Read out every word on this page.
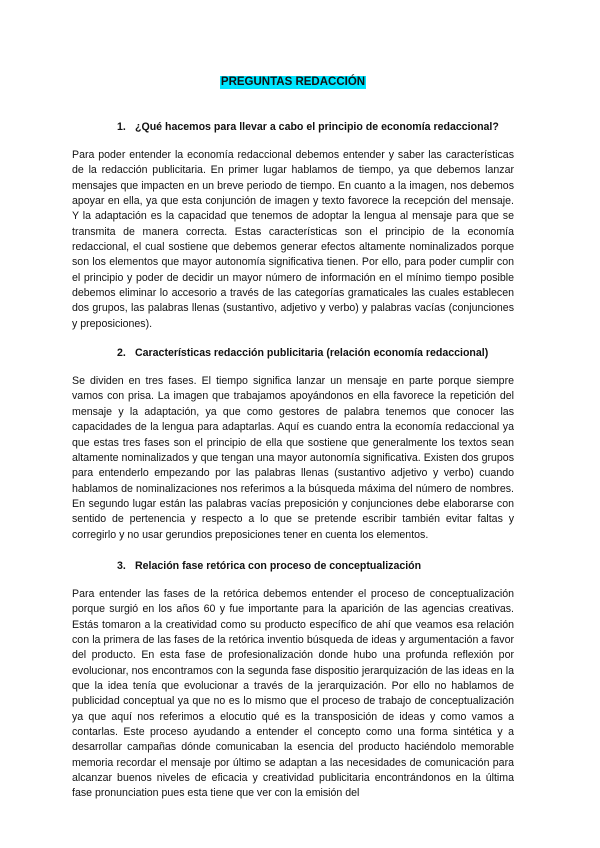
PREGUNTAS REDACCIÓN
1. ¿Qué hacemos para llevar a cabo el principio de economía redaccional?

Para poder entender la economía redaccional debemos entender y saber las características de la redacción publicitaria. En primer lugar hablamos de tiempo, ya que debemos lanzar mensajes que impacten en un breve periodo de tiempo. En cuanto a la imagen, nos debemos apoyar en ella, ya que esta conjunción de imagen y texto favorece la recepción del mensaje. Y la adaptación es la capacidad que tenemos de adoptar la lengua al mensaje para que se transmita de manera correcta. Estas características son el principio de la economía redaccional, el cual sostiene que debemos generar efectos altamente nominalizados porque son los elementos que mayor autonomía significativa tienen. Por ello, para poder cumplir con el principio y poder de decidir un mayor número de información en el mínimo tiempo posible debemos eliminar lo accesorio a través de las categorías gramaticales las cuales establecen dos grupos, las palabras llenas (sustantivo, adjetivo y verbo) y palabras vacías (conjunciones y preposiciones).

2. Características redacción publicitaria (relación economía redaccional)

Se dividen en tres fases. El tiempo significa lanzar un mensaje en parte porque siempre vamos con prisa. La imagen que trabajamos apoyándonos en ella favorece la repetición del mensaje y la adaptación, ya que como gestores de palabra tenemos que conocer las capacidades de la lengua para adaptarlas. Aquí es cuando entra la economía redaccional ya que estas tres fases son el principio de ella que sostiene que generalmente los textos sean altamente nominalizados y que tengan una mayor autonomía significativa. Existen dos grupos para entenderlo empezando por las palabras llenas (sustantivo adjetivo y verbo) cuando hablamos de nominalizaciones nos referimos a la búsqueda máxima del número de nombres. En segundo lugar están las palabras vacías preposición y conjunciones debe elaborarse con sentido de pertenencia y respecto a lo que se pretende escribir también evitar faltas y corregirlo y no usar gerundios preposiciones tener en cuenta los elementos.

3. Relación fase retórica con proceso de conceptualización

Para entender las fases de la retórica debemos entender el proceso de conceptualización porque surgió en los años 60 y fue importante para la aparición de las agencias creativas. Estás tomaron a la creatividad como su producto específico de ahí que veamos esa relación con la primera de las fases de la retórica inventio búsqueda de ideas y argumentación a favor del producto. En esta fase de profesionalización donde hubo una profunda reflexión por evolucionar, nos encontramos con la segunda fase dispositio jerarquización de las ideas en la que la idea tenía que evolucionar a través de la jerarquización. Por ello no hablamos de publicidad conceptual ya que no es lo mismo que el proceso de trabajo de conceptualización ya que aquí nos referimos a elocutio qué es la transposición de ideas y como vamos a contarlas. Este proceso ayudando a entender el concepto como una forma sintética y a desarrollar campañas dónde comunicaban la esencia del producto haciéndolo memorable memoria recordar el mensaje por último se adaptan a las necesidades de comunicación para alcanzar buenos niveles de eficacia y creatividad publicitaria encontrándonos en la última fase pronunciation pues esta tiene que ver con la emisión del
